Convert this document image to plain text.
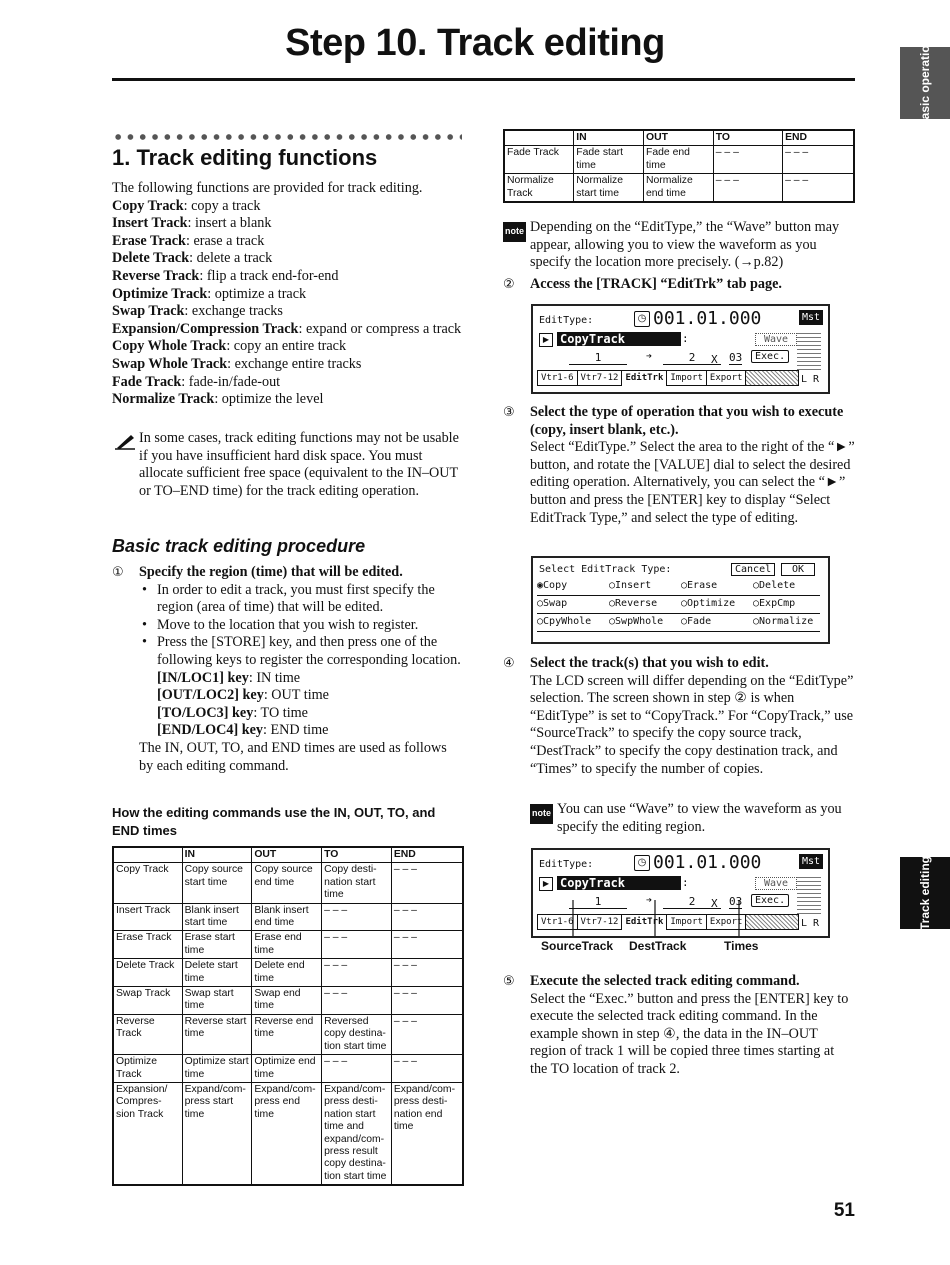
Step 10. Track editing	Basic operation
Track editing
1. Track editing functions

The following functions are provided for track editing.

Copy Track: copy a track

Insert Track: insert a blank

Erase Track: erase a track

Delete Track: delete a track

Reverse Track: flip a track end-for-end

Optimize Track: optimize a track

Swap Track: exchange tracks

Expansion/Compression Track: expand or compress a track

Copy Whole Track: copy an entire track

Swap Whole Track: exchange entire tracks

Fade Track: fade-in/fade-out

Normalize Track: optimize the level

In some cases, track editing functions may not be usable if you have insufficient hard disk space. You must allocate sufficient free space (equivalent to the IN–OUT or TO–END time) for the track editing operation.

Basic track editing procedure
① Specify the region (time) that will be edited.

• In order to edit a track, you must first specify the region (area of time) that will be edited.

• Move to the location that you wish to register.

• Press the [STORE] key, and then press one of the following keys to register the corresponding location.

[IN/LOC1] key: IN time

[OUT/LOC2] key: OUT time

[TO/LOC3] key: TO time

[END/LOC4] key: END time

The IN, OUT, TO, and END times are used as follows by each editing command.

How the editing commands use the IN, OUT, TO, and END times
	IN	OUT	TO	END
Copy Track	Copy source start time	Copy source end time	Copy desti-nation start time	– – –
Insert Track	Blank insert start time	Blank insert end time	– – –	– – –
Erase Track	Erase start time	Erase end time	– – –	– – –
Delete Track	Delete start time	Delete end time	– – –	– – –
Swap Track	Swap start time	Swap end time	– – –	– – –
Reverse Track	Reverse start time	Reverse end time	Reversed copy destina-tion start time	– – –
Optimize Track	Optimize start time	Optimize end time	– – –	– – –
Expansion/ Compres-sion Track	Expand/com-press start time	Expand/com-press end time	Expand/com-press desti-nation start time and expand/com-press result copy destina-tion start time	Expand/com-press desti-nation end time
	IN	OUT	TO	END
Fade Track	Fade start time	Fade end time	– – –	– – –
Normalize Track	Normalize start time	Normalize end time	– – –	– – –
note Depending on the “EditType,” the “Wave” button may appear, allowing you to view the waveform as you specify the location more precisely. (→p.82)

② Access the [TRACK] “EditTrk” tab page.

EditType:	◷ 001.01.000	Mst
▶ CopyTrack	:	Wave
1	➔	2	X 03	Exec.
Vtr1-6 Vtr7-12 EditTrk Import Export	L R
③ Select the type of operation that you wish to execute (copy, insert blank, etc.).

Select “EditType.” Select the area to the right of the “►” button, and rotate the [VALUE] dial to select the desired editing operation. Alternatively, you can select the “►” button and press the [ENTER] key to display “Select EditTrack Type,” and select the type of editing.

Select EditTrack Type:	Cancel	OK
◉Copy	○Insert	○Erase	○Delete
○Swap	○Reverse ○Optimize ○ExpCmp
○CpyWhole ○SwpWhole ○Fade	○Normalize
④ Select the track(s) that you wish to edit.

The LCD screen will differ depending on the “EditType” selection. The screen shown in step ② is when “EditType” is set to “CopyTrack.” For “CopyTrack,” use “SourceTrack” to specify the copy source track, “DestTrack” to specify the copy destination track, and “Times” to specify the number of copies.

note You can use “Wave” to view the waveform as you specify the editing region.

EditType:	◷ 001.01.000	Mst
▶ CopyTrack	:	Wave
1	➔	2	X 03	Exec.
Vtr1-6 Vtr7-12 EditTrk Import Export	L R
SourceTrack DestTrack	Times
⑤ Execute the selected track editing command.

Select the “Exec.” button and press the [ENTER] key to execute the selected track editing command. In the example shown in step ④, the data in the IN–OUT region of track 1 will be copied three times starting at the TO location of track 2.

51
